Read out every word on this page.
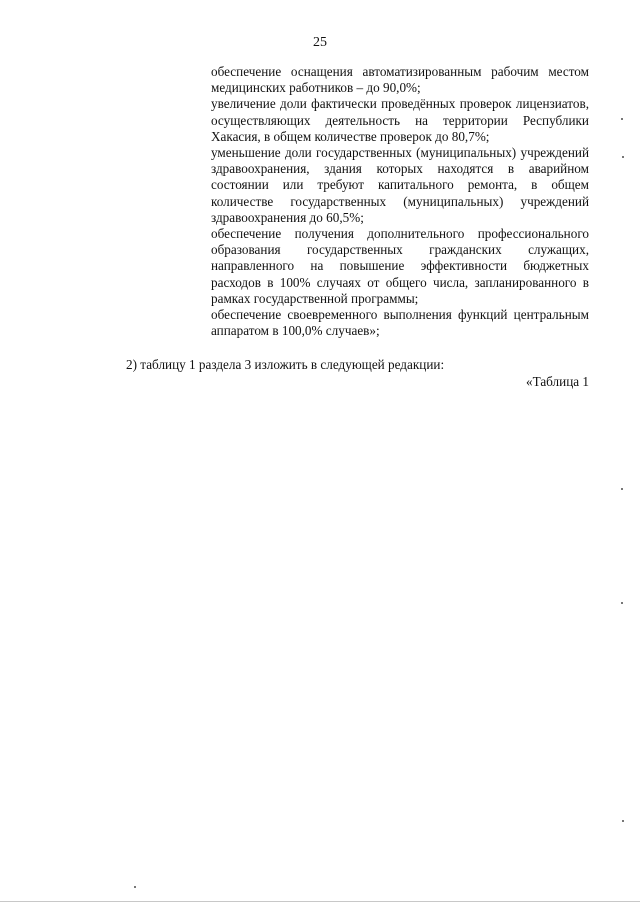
25

обеспечение оснащения автоматизированным рабочим местом медицинских работников – до 90,0%;

увеличение доли фактически проведённых проверок лицензиатов, осуществляющих деятельность на территории Республики Хакасия, в общем количестве проверок до 80,7%;

уменьшение доли государственных (муниципальных) учреждений здравоохранения, здания которых находятся в аварийном состоянии или требуют капитального ремонта, в общем количестве государственных (муниципальных) учреждений здравоохранения до 60,5%;

обеспечение получения дополнительного профессионального образования государственных гражданских служащих, направленного на повышение эффективности бюджетных расходов в 100% случаях от общего числа, запланированного в рамках государственной программы;

обеспечение своевременного выполнения функций центральным аппаратом в 100,0% случаев»;

2) таблицу 1 раздела 3 изложить в следующей редакции:
«Таблица 1
